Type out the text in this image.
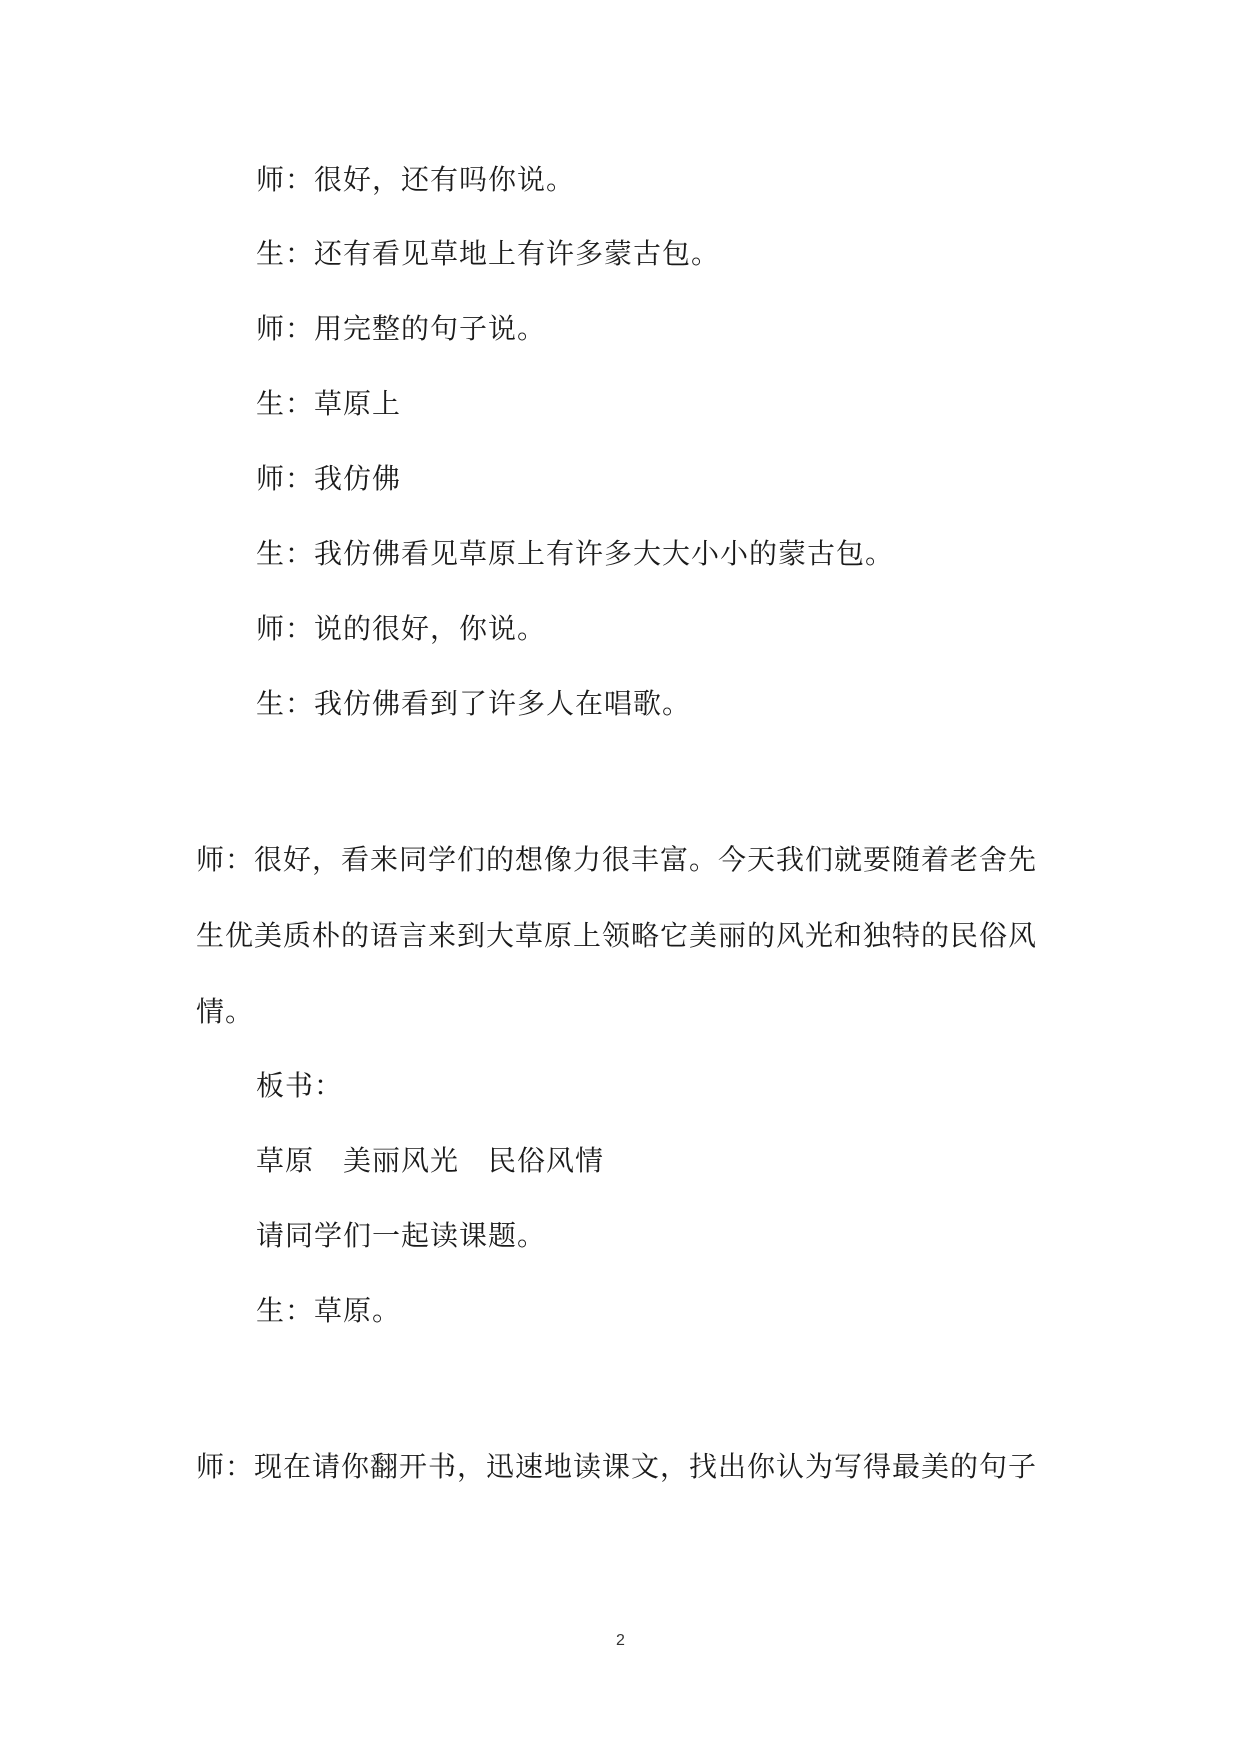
师：很好，还有吗你说。
生：还有看见草地上有许多蒙古包。
师：用完整的句子说。
生：草原上
师：我仿佛
生：我仿佛看见草原上有许多大大小小的蒙古包。
师：说的很好，你说。
生：我仿佛看到了许多人在唱歌。
师：很好，看来同学们的想像力很丰富。今天我们就要随着老舍先
生优美质朴的语言来到大草原上领略它美丽的风光和独特的民俗风
情。
板书：
草原　美丽风光　民俗风情
请同学们一起读课题。
生：草原。
师：现在请你翻开书，迅速地读课文，找出你认为写得最美的句子
2
